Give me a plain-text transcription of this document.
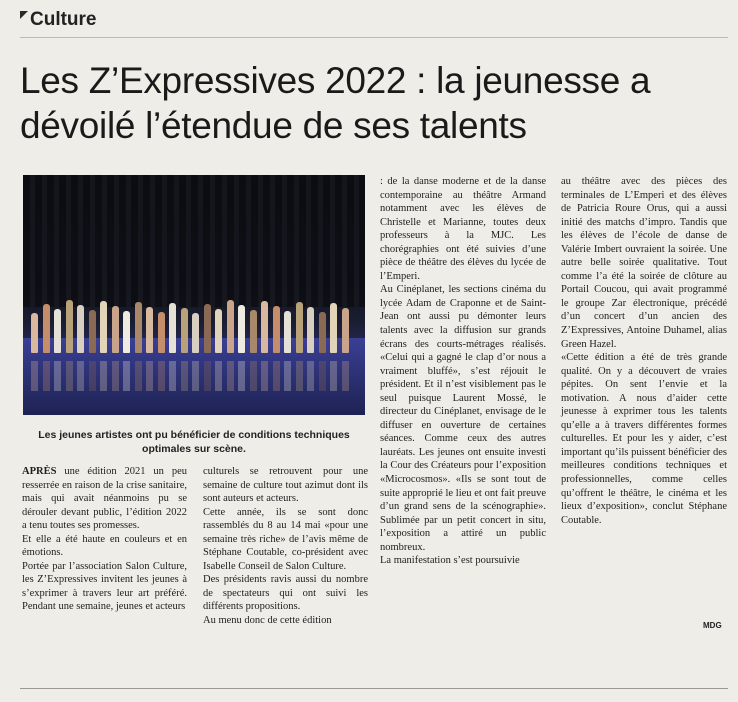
Culture
Les Z’Expressives 2022 : la jeunesse a dévoilé l’étendue de ses talents

Les jeunes artistes ont pu bénéficier de conditions techniques optimales sur scène.

APRÈS une édition 2021 un peu resserrée en raison de la crise sanitaire, mais qui avait néanmoins pu se dérouler devant public, l’édition 2022 a tenu toutes ses promesses.

Et elle a été haute en couleurs et en émotions.

Portée par l’association Salon Culture, les Z’Expressives invitent les jeunes à s’exprimer à travers leur art préféré. Pendant une semaine, jeunes et acteurs

culturels se retrouvent pour une semaine de culture tout azimut dont ils sont auteurs et acteurs.

Cette année, ils se sont donc rassemblés du 8 au 14 mai «pour une semaine très riche» de l’avis même de Stéphane Coutable, co-président avec Isabelle Conseil de Salon Culture.

Des présidents ravis aussi du nombre de spectateurs qui ont suivi les différents propositions.

Au menu donc de cette édition

: de la danse moderne et de la danse contemporaine au théâtre Armand notamment avec les élèves de Christelle et Marianne, toutes deux professeurs à la MJC. Les chorégraphies ont été suivies d’une pièce de théâtre des élèves du lycée de l’Emperi.

Au Cinéplanet, les sections cinéma du lycée Adam de Craponne et de Saint-Jean ont aussi pu démonter leurs talents avec la diffusion sur grands écrans des courts-métrages réalisés. «Celui qui a gagné le clap d’or nous a vraiment bluffé», s’est réjouit le président. Et il n’est visiblement pas le seul puisque Laurent Mossé, le directeur du Cinéplanet, envisage de le diffuser en ouverture de certaines séances. Comme ceux des autres lauréats. Les jeunes ont ensuite investi la Cour des Créateurs pour l’exposition «Microcosmos». «Ils se sont tout de suite approprié le lieu et ont fait preuve d’un grand sens de la scénographie». Sublimée par un petit concert in situ, l’exposition a attiré un public nombreux.

La manifestation s’est poursuivie

au théâtre avec des pièces des terminales de L’Emperi et des élèves de Patricia Roure Orus, qui a aussi initié des matchs d’impro. Tandis que les élèves de l’école de danse de Valérie Imbert ouvraient la soirée. Une autre belle soirée qualitative. Tout comme l’a été la soirée de clôture au Portail Coucou, qui avait programmé le groupe Zar électronique, précédé d’un concert d’un ancien des Z’Expressives, Antoine Duhamel, alias Green Hazel.

«Cette édition a été de très grande qualité. On y a découvert de vraies pépites. On sent l’envie et la motivation. A nous d’aider cette jeunesse à exprimer tous les talents qu’elle a à travers différentes formes culturelles. Et pour les y aider, c’est important qu’ils puissent bénéficier des meilleures conditions techniques et professionnelles, comme celles qu’offrent le théâtre, le cinéma et les lieux d’exposition», conclut Stéphane Coutable.

MDG
